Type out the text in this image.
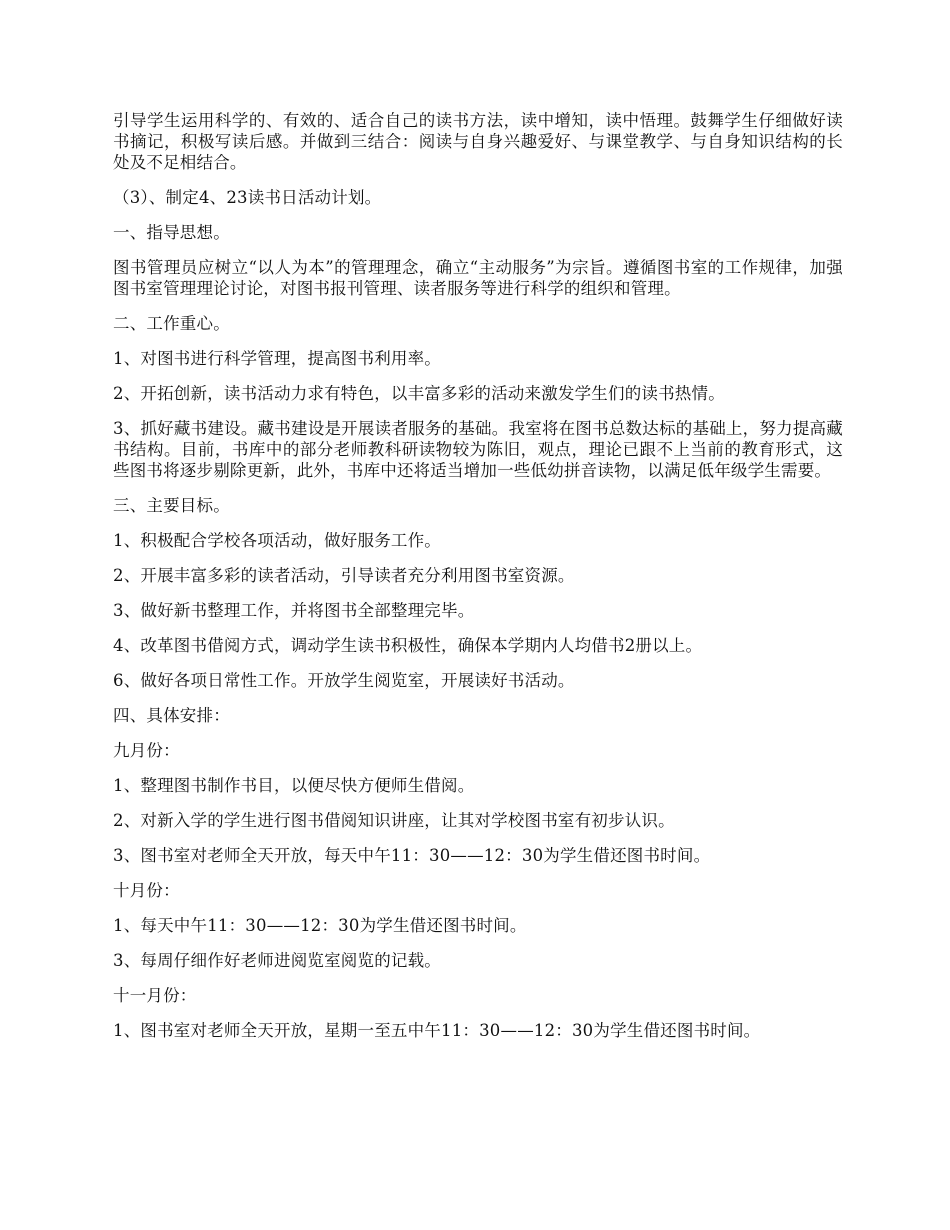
引导学生运用科学的、有效的、适合自己的读书方法，读中增知，读中悟理。鼓舞学生仔细做好读书摘记，积极写读后感。并做到三结合：阅读与自身兴趣爱好、与课堂教学、与自身知识结构的长处及不足相结合。

（3）、制定4、23读书日活动计划。

一、指导思想。

图书管理员应树立“以人为本”的管理理念，确立“主动服务”为宗旨。遵循图书室的工作规律，加强图书室管理理论讨论，对图书报刊管理、读者服务等进行科学的组织和管理。

二、工作重心。

1、对图书进行科学管理，提高图书利用率。

2、开拓创新，读书活动力求有特色，以丰富多彩的活动来激发学生们的读书热情。

3、抓好藏书建设。藏书建设是开展读者服务的基础。我室将在图书总数达标的基础上，努力提高藏书结构。目前，书库中的部分老师教科研读物较为陈旧，观点，理论已跟不上当前的教育形式，这些图书将逐步剔除更新，此外，书库中还将适当增加一些低幼拼音读物，以满足低年级学生需要。

三、主要目标。

1、积极配合学校各项活动，做好服务工作。

2、开展丰富多彩的读者活动，引导读者充分利用图书室资源。

3、做好新书整理工作，并将图书全部整理完毕。

4、改革图书借阅方式，调动学生读书积极性，确保本学期内人均借书2册以上。

6、做好各项日常性工作。开放学生阅览室，开展读好书活动。

四、具体安排：

九月份：

1、整理图书制作书目，以便尽快方便师生借阅。

2、对新入学的学生进行图书借阅知识讲座，让其对学校图书室有初步认识。

3、图书室对老师全天开放，每天中午11：30——12：30为学生借还图书时间。

十月份：

1、每天中午11：30——12：30为学生借还图书时间。

3、每周仔细作好老师进阅览室阅览的记载。

十一月份：

1、图书室对老师全天开放，星期一至五中午11：30——12：30为学生借还图书时间。
